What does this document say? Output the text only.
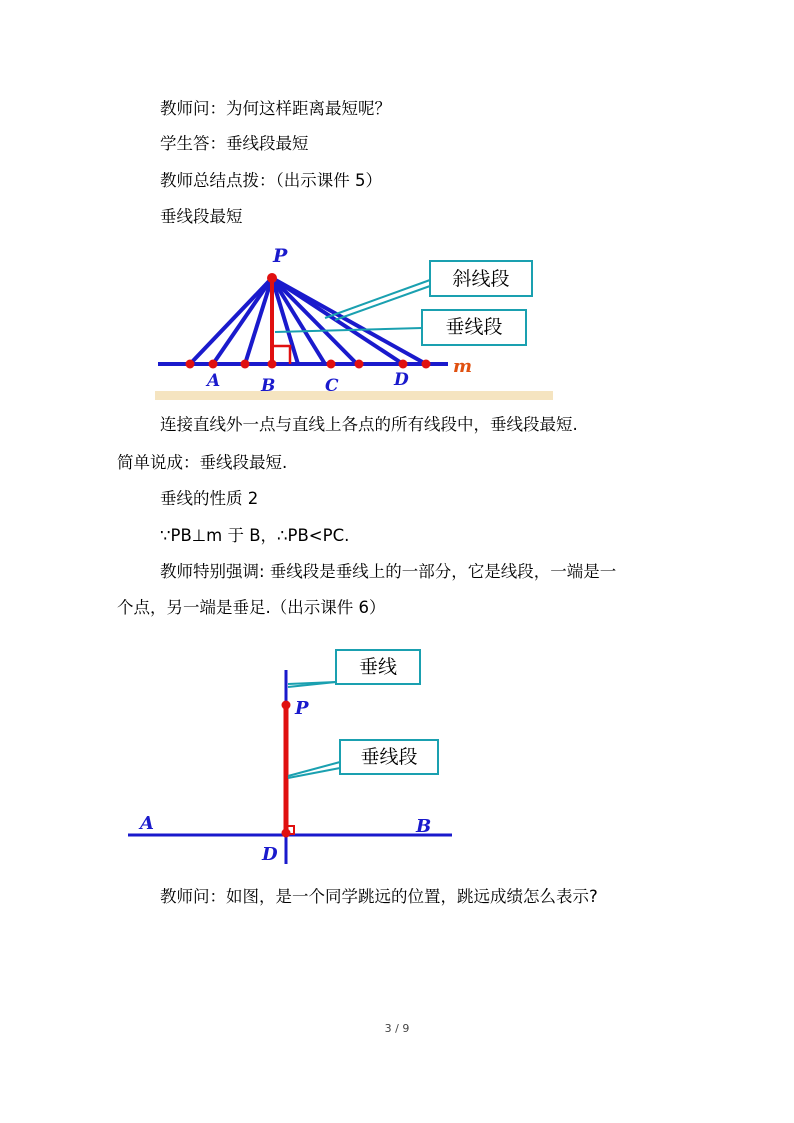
教师问：为何这样距离最短呢？
学生答：垂线段最短
教师总结点拨：（出示课件 5）
垂线段最短
斜线段
垂线段
P
A B	C	D
m
连接直线外一点与直线上各点的所有线段中，垂线段最短.
简单说成：垂线段最短.
垂线的性质 2
∵PB⊥m 于 B，∴PB<PC.
教师特别强调: 垂线段是垂线上的一部分，它是线段，一端是一
个点，另一端是垂足.（出示课件 6）
垂线
垂线段
P
A	B
D
教师问：如图，是一个同学跳远的位置，跳远成绩怎么表示?
3 / 9
